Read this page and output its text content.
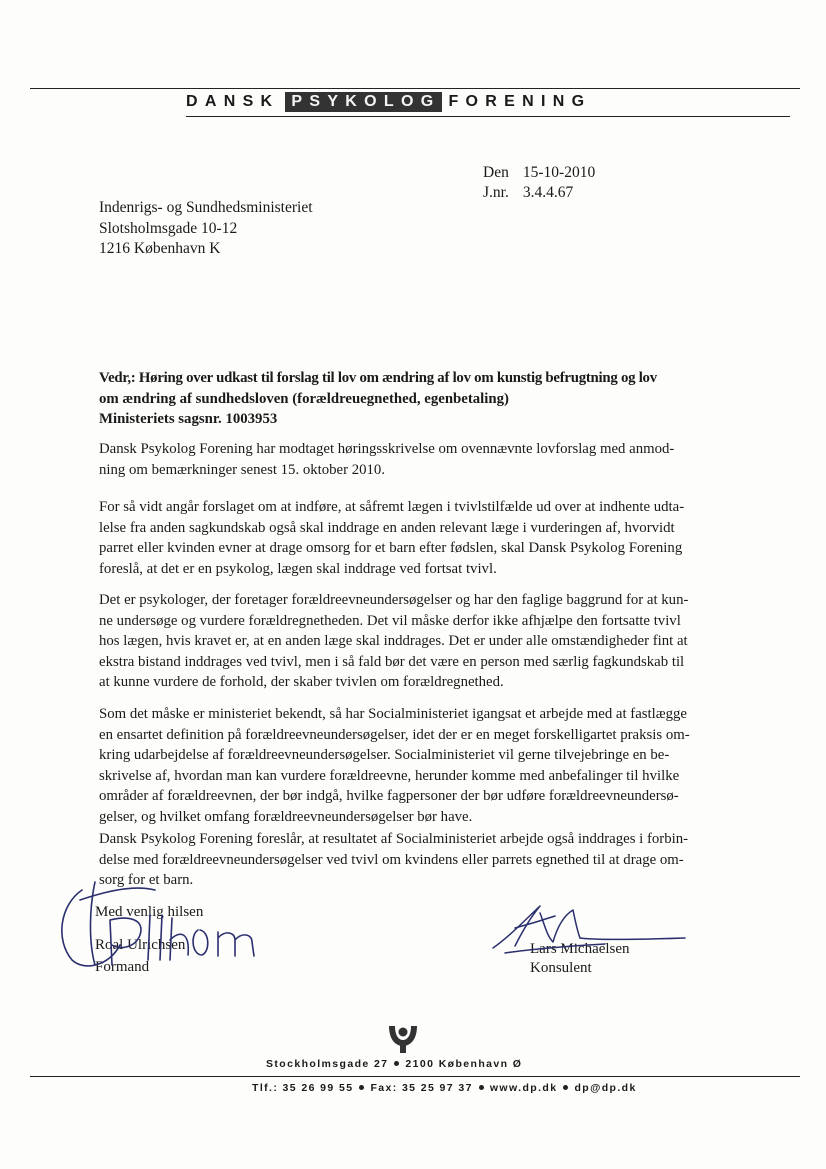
DANSK PSYKOLOG FORENING
Den 15-10-2010
J.nr. 3.4.4.67
Indenrigs- og Sundhedsministeriet
Slotsholmsgade 10-12
1216 København K
Vedr,: Høring over udkast til forslag til lov om ændring af lov om kunstig befrugtning og lov
om ændring af sundhedsloven (forældreuegnethed, egenbetaling)
Ministeriets sagsnr. 1003953
Dansk Psykolog Forening har modtaget høringsskrivelse om ovennævnte lovforslag med anmod-
ning om bemærkninger senest 15. oktober 2010.
For så vidt angår forslaget om at indføre, at såfremt lægen i tvivlstilfælde ud over at indhente udta-
lelse fra anden sagkundskab også skal inddrage en anden relevant læge i vurderingen af, hvorvidt
parret eller kvinden evner at drage omsorg for et barn efter fødslen, skal Dansk Psykolog Forening
foreslå, at det er en psykolog, lægen skal inddrage ved fortsat tvivl.
Det er psykologer, der foretager forældreevneundersøgelser og har den faglige baggrund for at kun-
ne undersøge og vurdere forældregnetheden. Det vil måske derfor ikke afhjælpe den fortsatte tvivl
hos lægen, hvis kravet er, at en anden læge skal inddrages. Det er under alle omstændigheder fint at
ekstra bistand inddrages ved tvivl, men i så fald bør det være en person med særlig fagkundskab til
at kunne vurdere de forhold, der skaber tvivlen om forældregnethed.
Som det måske er ministeriet bekendt, så har Socialministeriet igangsat et arbejde med at fastlægge
en ensartet definition på forældreevneundersøgelser, idet der er en meget forskelligartet praksis om-
kring udarbejdelse af forældreevneundersøgelser. Socialministeriet vil gerne tilvejebringe en be-
skrivelse af, hvordan man kan vurdere forældreevne, herunder komme med anbefalinger til hvilke
områder af forældreevnen, der bør indgå, hvilke fagpersoner der bør udføre forældreevneundersø-
gelser, og hvilket omfang forældreevneundersøgelser bør have.
Dansk Psykolog Forening foreslår, at resultatet af Socialministeriet arbejde også inddrages i forbin-
delse med forældreevneundersøgelser ved tvivl om kvindens eller parrets egnethed til at drage om-
sorg for et barn.
Med venlig hilsen
Roal Ulrichsen
Formand
Lars Michaelsen
Konsulent
Stockholmsgade 27 2100 København Ø
Tlf.: 35 26 99 55 Fax: 35 25 97 37 www.dp.dk dp@dp.dk
